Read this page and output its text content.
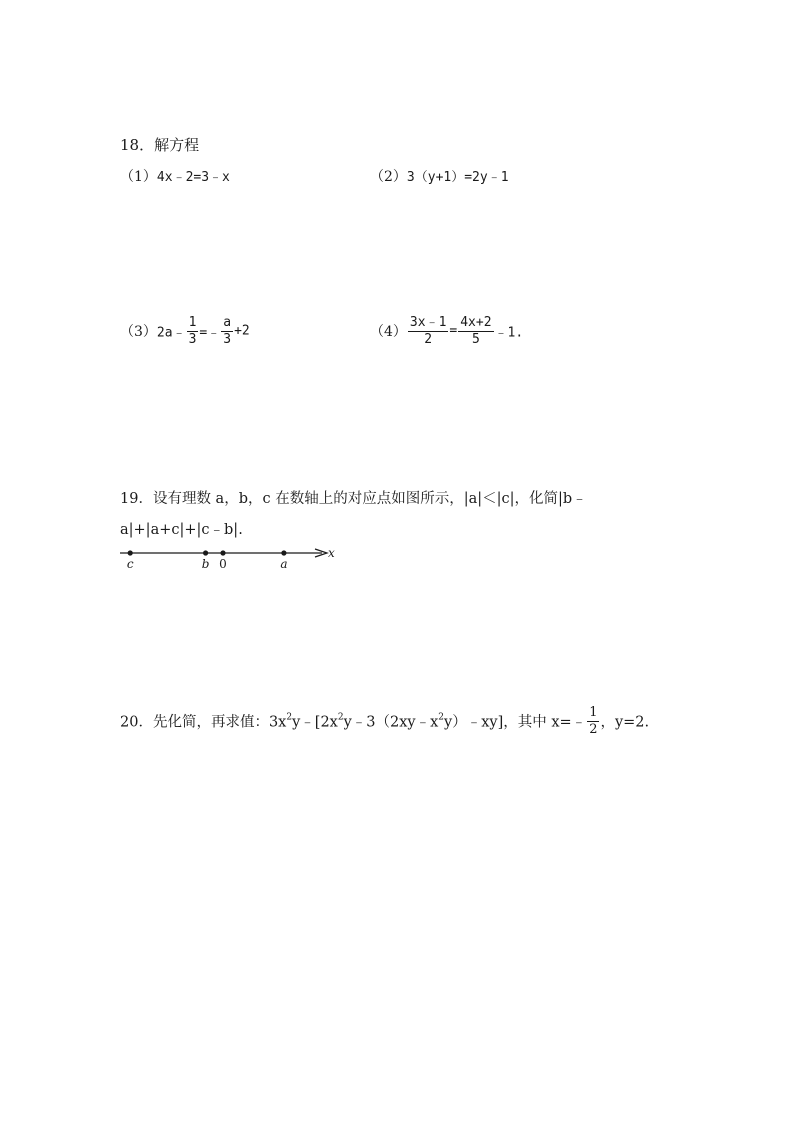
18．解方程
（1）4x﹣2=3﹣x	（2）3（y+1）=2y﹣1
（3）2a﹣ $\frac{1}{3}$ =﹣ $\frac{a}{3} +2$	$(4) \frac{3x﹣1}{2} = \frac{4x+2}{5}$ ﹣1.
19．设有理数 a，b，c 在数轴上的对应点如图所示，|a|＜|c|，化简|b﹣
a|+|a+c|+|c﹣b|.
x
c	b 0	a
20．先化简，再求值：$3x^2y﹣[2x^2y﹣3(2xy﹣x^2y)﹣xy]$，其中 x=﹣ $\frac{1}{2}$ ，y=2.
